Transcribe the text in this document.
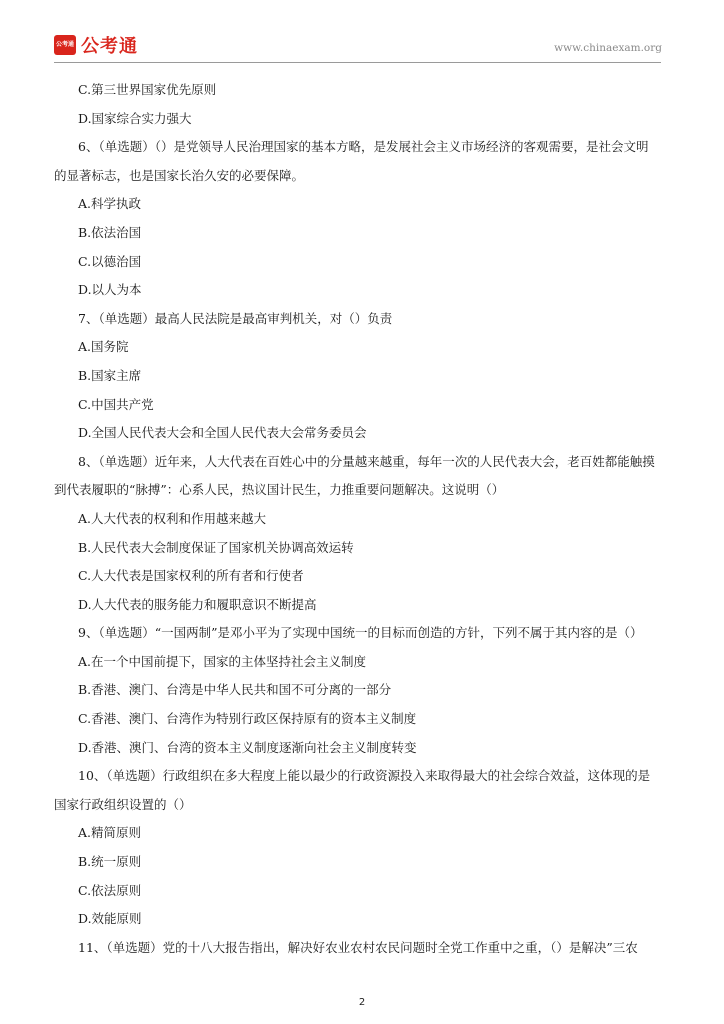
公考通 公考通	www.chinaexam.org
C.第三世界国家优先原则
D.国家综合实力强大
6、（单选题）（）是党领导人民治理国家的基本方略，是发展社会主义市场经济的客观需要，是社会文明
的显著标志，也是国家长治久安的必要保障。
A.科学执政
B.依法治国
C.以德治国
D.以人为本
7、（单选题）最高人民法院是最高审判机关，对（）负责
A.国务院
B.国家主席
C.中国共产党
D.全国人民代表大会和全国人民代表大会常务委员会
8、（单选题）近年来，人大代表在百姓心中的分量越来越重，每年一次的人民代表大会，老百姓都能触摸
到代表履职的“脉搏”：心系人民，热议国计民生，力推重要问题解决。这说明（）
A.人大代表的权利和作用越来越大
B.人民代表大会制度保证了国家机关协调高效运转
C.人大代表是国家权利的所有者和行使者
D.人大代表的服务能力和履职意识不断提高
9、（单选题）“一国两制”是邓小平为了实现中国统一的目标而创造的方针，下列不属于其内容的是（）
A.在一个中国前提下，国家的主体坚持社会主义制度
B.香港、澳门、台湾是中华人民共和国不可分离的一部分
C.香港、澳门、台湾作为特别行政区保持原有的资本主义制度
D.香港、澳门、台湾的资本主义制度逐渐向社会主义制度转变
10、（单选题）行政组织在多大程度上能以最少的行政资源投入来取得最大的社会综合效益，这体现的是
国家行政组织设置的（）
A.精简原则
B.统一原则
C.依法原则
D.效能原则
11、（单选题）党的十八大报告指出，解决好农业农村农民问题时全党工作重中之重，（）是解决”三农
2
